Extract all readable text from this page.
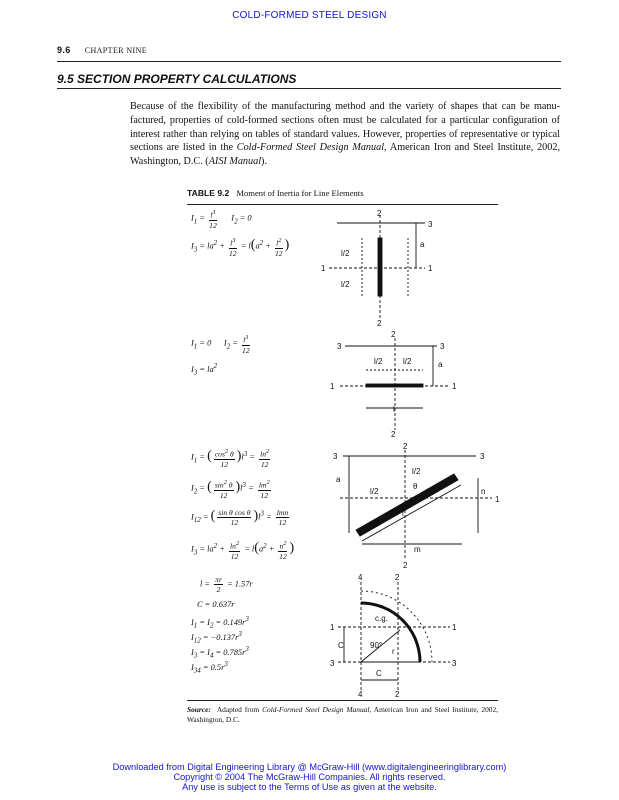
COLD-FORMED STEEL DESIGN
9.6 CHAPTER NINE
9.5 SECTION PROPERTY CALCULATIONS
Because of the flexibility of the manufacturing method and the variety of shapes that can be manu-factured, properties of cold-formed sections often must be calculated for a particular configuration of interest rather than relying on tables of standard values. However, properties of representative or typical sections are listed in the Cold-Formed Steel Design Manual, American Iron and Steel Institute, 2002, Washington, D.C. (AISI Manual).
TABLE 9.2 Moment of Inertia for Line Elements
$I_1 = \frac{l^3}{12} I_2 = 0$
$I_3 = la^2 + \frac{l^3}{12} = l(a^2 + \frac{l^2}{12}$ )
$I_1 = 0$      $I_2 = \frac{l^3}{12}$
$I_3 = la^2$
$I_1$ = ( $\frac{\cos^2 \theta}{12} )l^3 = \frac{\ln^2}{12}$
$I_2$ = ( $\frac{\sin^2 \theta}{12} )l^3 = \frac{lm^2}{12}$
$I_{12}$ = ( $\frac{\text{sin θ cos θ}}{12} )l^3 = \frac{\text{lmn}}{12}$
$I_3 = la^2 + \frac{\ln^2}{12} = l(a^2 + \frac{n^2}{12}$ )
$l = \frac{\pi r}{2} = 1.57r$
C = 0.637r
$I_1 = I_2 = 0.149r^3$
$I_{12} = -0.137r^3$
$I_3 = I_4 = 0.785r^3$
$I_{34} = 0.5r^3$
2
3
a
1	1
l/2
l/2
2
2
3	3
a
l/2	l/2
1	1
l
2
2
3	3
a
l/2
l/2
θ
n
1
l
m
2
4	2
c.g.
1	1
C	90°
r
3	3
C
4	2
Source: Adapted from Cold-Formed Steel Design Manual, American Iron and Steel Institute, 2002, Washington, D.C.
Downloaded from Digital Engineering Library @ McGraw-Hill (www.digitalengineeringlibrary.com)
Copyright © 2004 The McGraw-Hill Companies. All rights reserved.
Any use is subject to the Terms of Use as given at the website.
